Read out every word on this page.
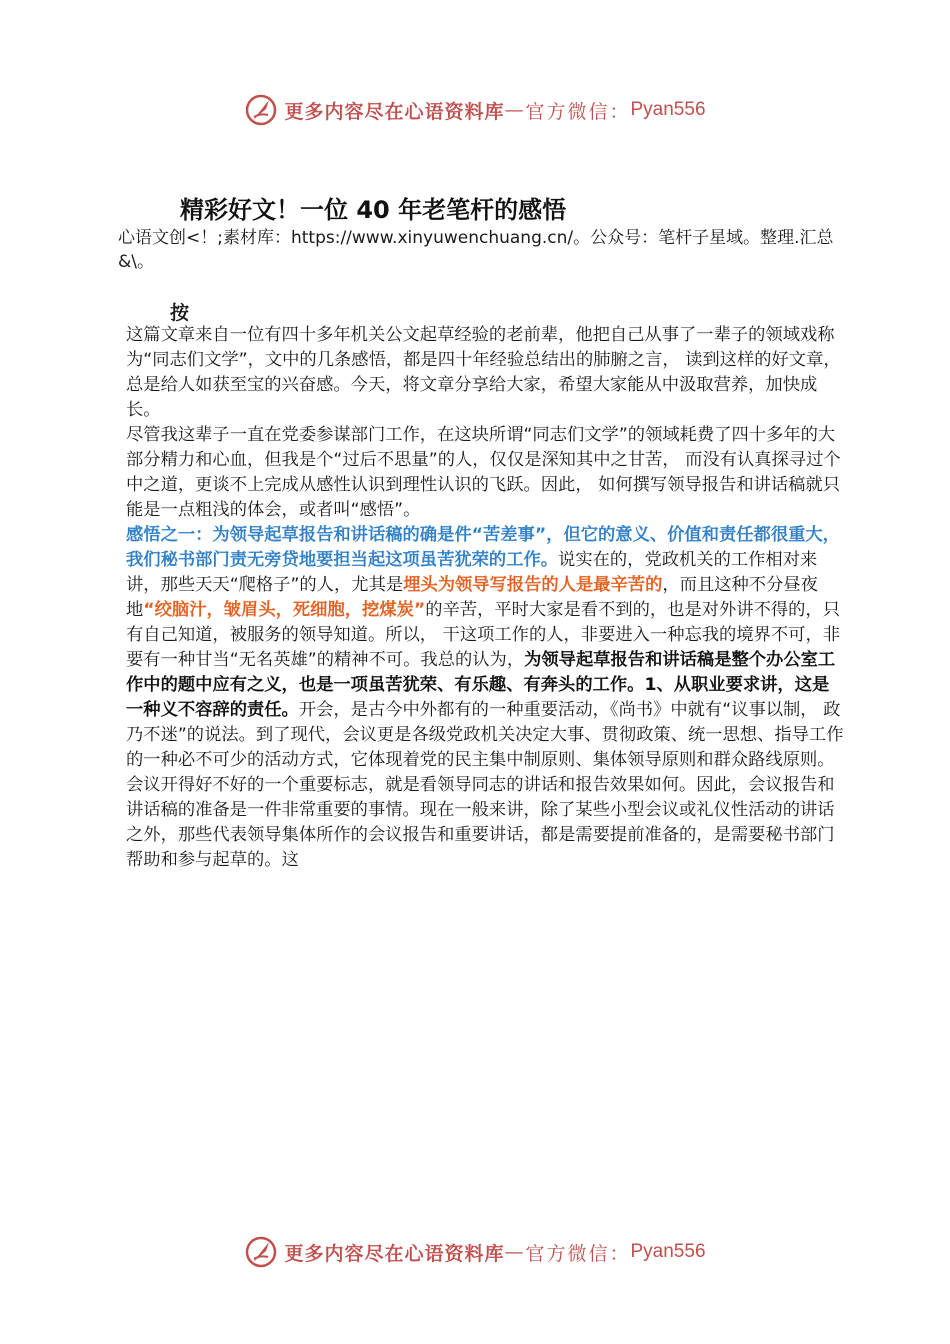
更多内容尽在心语资料库 — 官方微信： Pyan556
精彩好文！一位 40 年老笔杆的感悟
心语文创<！;素材库：https://www.xinyuwenchuang.cn/。公众号：笔杆子星域。整理.汇总&\。
按

这篇文章来自一位有四十多年机关公文起草经验的老前辈，他把自己从事了一辈子的领域戏称为“同志们文学”，文中的几条感悟，都是四十年经验总结出的肺腑之言， 读到这样的好文章，总是给人如获至宝的兴奋感。今天，将文章分享给大家，希望大家能从中汲取营养，加快成长。

尽管我这辈子一直在党委参谋部门工作，在这块所谓“同志们文学”的领域耗费了四十多年的大部分精力和心血，但我是个“过后不思量”的人，仅仅是深知其中之甘苦， 而没有认真探寻过个中之道，更谈不上完成从感性认识到理性认识的飞跃。因此， 如何撰写领导报告和讲话稿就只能是一点粗浅的体会，或者叫“感悟”。

感悟之一：为领导起草报告和讲话稿的确是件“苦差事”，但它的意义、价值和责任都很重大，我们秘书部门责无旁贷地要担当起这项虽苦犹荣的工作。说实在的，党政机关的工作相对来讲，那些天天“爬格子”的人，尤其是埋头为领导写报告的人是最辛苦的，而且这种不分昼夜地“绞脑汁，皱眉头，死细胞，挖煤炭”的辛苦，平时大家是看不到的，也是对外讲不得的，只有自己知道，被服务的领导知道。所以， 干这项工作的人，非要进入一种忘我的境界不可，非要有一种甘当“无名英雄”的精神不可。我总的认为，为领导起草报告和讲话稿是整个办公室工作中的题中应有之义，也是一项虽苦犹荣、有乐趣、有奔头的工作。1、从职业要求讲，这是一种义不容辞的责任。开会，是古今中外都有的一种重要活动，《尚书》中就有“议事以制， 政乃不迷”的说法。到了现代，会议更是各级党政机关决定大事、贯彻政策、统一思想、指导工作的一种必不可少的活动方式，它体现着党的民主集中制原则、集体领导原则和群众路线原则。会议开得好不好的一个重要标志，就是看领导同志的讲话和报告效果如何。因此，会议报告和讲话稿的准备是一件非常重要的事情。现在一般来讲，除了某些小型会议或礼仪性活动的讲话之外，那些代表领导集体所作的会议报告和重要讲话，都是需要提前准备的，是需要秘书部门帮助和参与起草的。这

更多内容尽在心语资料库 — 官方微信： Pyan556
